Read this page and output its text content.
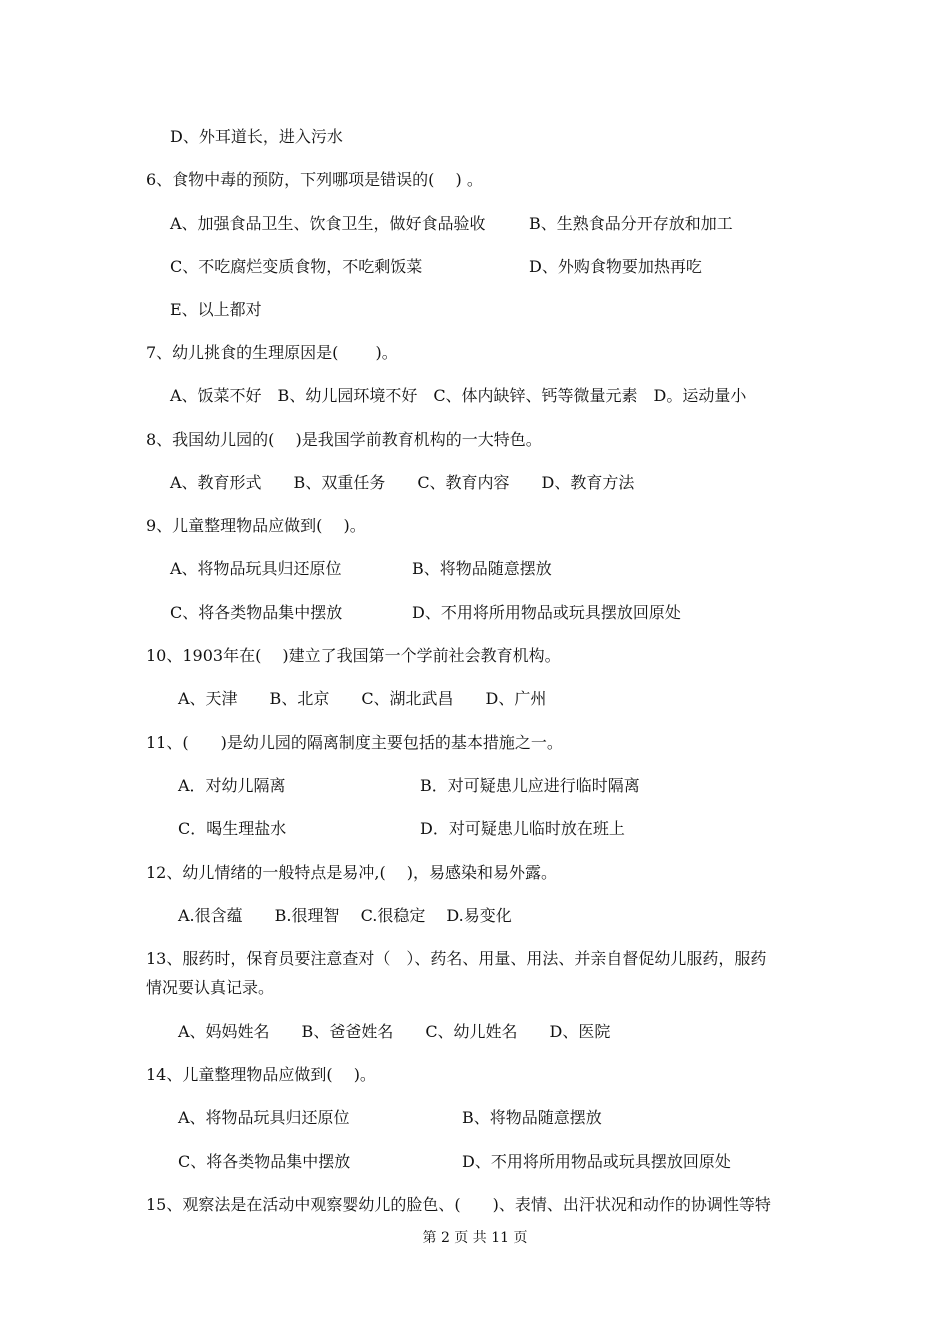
D、外耳道长，进入污水
6、食物中毒的预防，下列哪项是错误的(　 ) 。
A、加强食品卫生、饮食卫生，做好食品验收	B、生熟食品分开存放和加工
C、不吃腐烂变质食物，不吃剩饭菜	D、外购食物要加热再吃
E、以上都对
7、幼儿挑食的生理原因是(　　 )。
A、饭菜不好　B、幼儿园环境不好　C、体内缺锌、钙等微量元素　D。运动量小
8、我国幼儿园的(　 )是我国学前教育机构的一大特色。
A、教育形式　　B、双重任务　　C、教育内容　　D、教育方法
9、儿童整理物品应做到(　 )。
A、将物品玩具归还原位	B、将物品随意摆放
C、将各类物品集中摆放	D、不用将所用物品或玩具摆放回原处
10、1903年在(　 )建立了我国第一个学前社会教育机构。
A、天津　　B、北京　　C、湖北武昌　　D、广州
11、(　　)是幼儿园的隔离制度主要包括的基本措施之一。
A．对幼儿隔离	B．对可疑患儿应进行临时隔离
C．喝生理盐水	D．对可疑患儿临时放在班上
12、幼儿情绪的一般特点是易冲,(　 )，易感染和易外露。
A.很含蕴　　B.很理智　 C.很稳定　 D.易变化
13、服药时，保育员要注意查对（　）、药名、用量、用法、并亲自督促幼儿服药，服药
情况要认真记录。
A、妈妈姓名　　B、爸爸姓名　　C、幼儿姓名　　D、医院
14、儿童整理物品应做到(　 )。
A、将物品玩具归还原位	B、将物品随意摆放
C、将各类物品集中摆放	D、不用将所用物品或玩具摆放回原处
15、观察法是在活动中观察婴幼儿的脸色、(　　)、表情、出汗状况和动作的协调性等特
第 2 页 共 11 页
